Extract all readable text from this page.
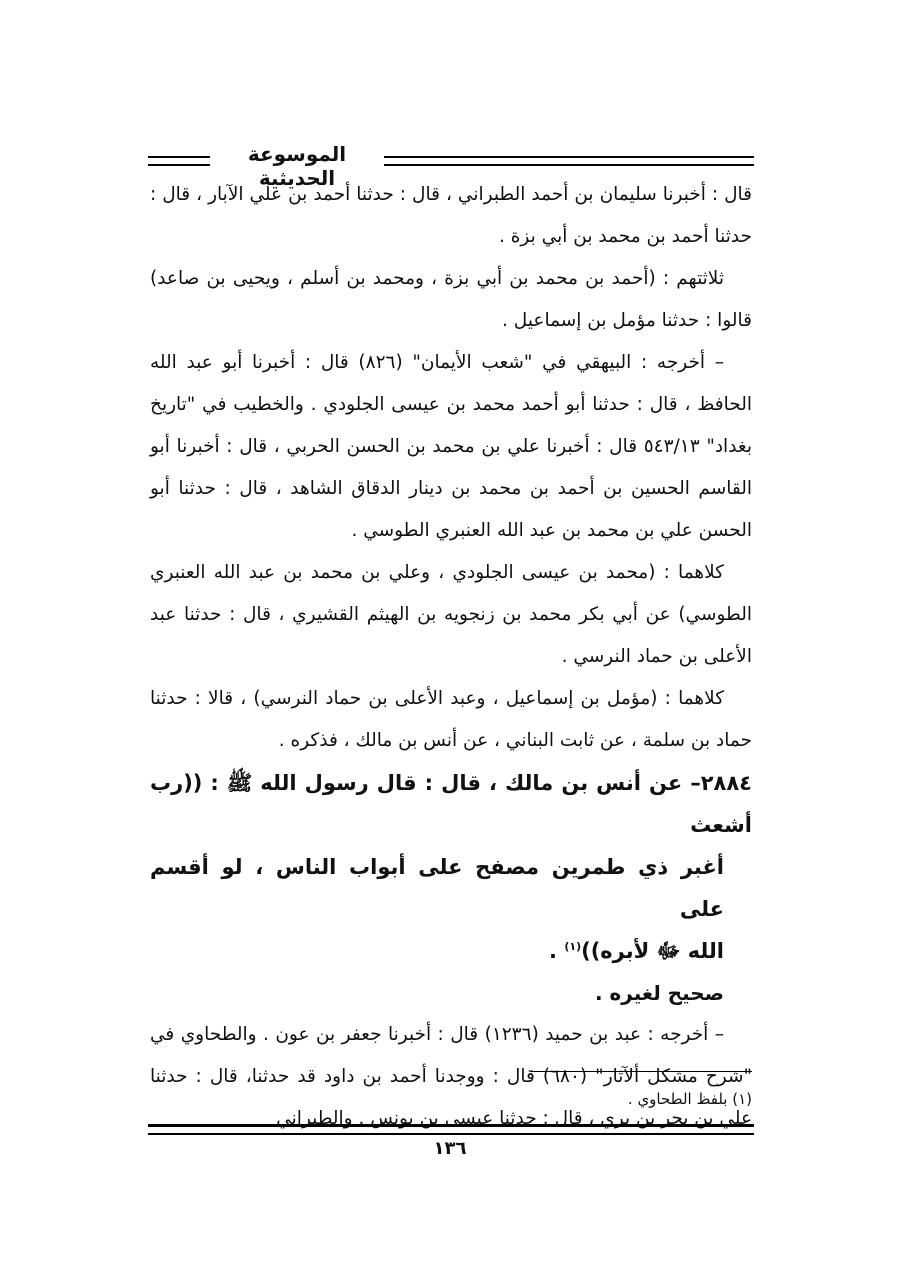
الموسوعة الحديثية

قال : أخبرنا سليمان بن أحمد الطبراني ، قال : حدثنا أحمد بن علي الآبار ، قال : حدثنا أحمد بن محمد بن أبي بزة .

ثلاثتهم : (أحمد بن محمد بن أبي بزة ، ومحمد بن أسلم ، ويحيى بن صاعد) قالوا : حدثنا مؤمل بن إسماعيل .

– أخرجه : البيهقي في "شعب الأيمان" (٨٢٦) قال : أخبرنا أبو عبد الله الحافظ ، قال : حدثنا أبو أحمد محمد بن عيسى الجلودي . والخطيب في "تاريخ بغداد" ٥٤٣/١٣ قال : أخبرنا علي بن محمد بن الحسن الحربي ، قال : أخبرنا أبو القاسم الحسين بن أحمد بن محمد بن دينار الدقاق الشاهد ، قال : حدثنا أبو الحسن علي بن محمد بن عبد الله العنبري الطوسي .

كلاهما : (محمد بن عيسى الجلودي ، وعلي بن محمد بن عبد الله العنبري الطوسي) عن أبي بكر محمد بن زنجويه بن الهيثم القشيري ، قال : حدثنا عبد الأعلى بن حماد النرسي .

كلاهما : (مؤمل بن إسماعيل ، وعبد الأعلى بن حماد النرسي) ، قالا : حدثنا حماد بن سلمة ، عن ثابت البناني ، عن أنس بن مالك ، فذكره .

٢٨٨٤– عن أنس بن مالك ، قال : قال رسول الله ﷺ : ((رب أشعث

أغبر ذي طمرين مصفح على أبواب الناس ، لو أقسم على

الله ﷻ لأبره))$^{(١)}$ .

صحيح لغيره .

– أخرجه : عبد بن حميد (١٢٣٦) قال : أخبرنا جعفر بن عون . والطحاوي في "شرح مشكل ألآثار" (٦٨٠) قال : ووجدنا أحمد بن داود قد حدثنا، قال : حدثنا علي بن بحر بن بري ، قال : حدثنا عيسى بن يونس . والطبراني

(١) بلفظ الطحاوي .
١٣٦
